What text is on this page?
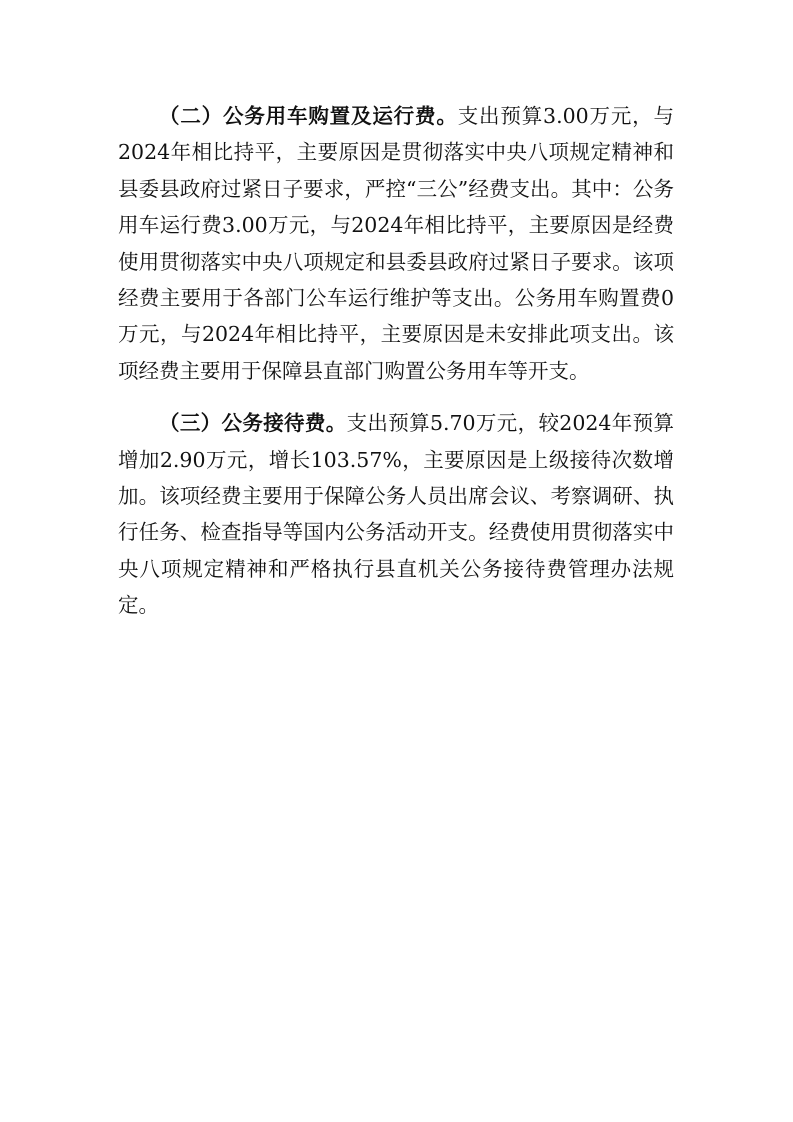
（二）公务用车购置及运行费。支出预算3.00万元，与2024年相比持平，主要原因是贯彻落实中央八项规定精神和县委县政府过紧日子要求，严控“三公”经费支出。其中：公务用车运行费3.00万元，与2024年相比持平，主要原因是经费使用贯彻落实中央八项规定和县委县政府过紧日子要求。该项经费主要用于各部门公车运行维护等支出。公务用车购置费0万元，与2024年相比持平，主要原因是未安排此项支出。该项经费主要用于保障县直部门购置公务用车等开支。

（三）公务接待费。支出预算5.70万元，较2024年预算增加2.90万元，增长103.57%，主要原因是上级接待次数增加。该项经费主要用于保障公务人员出席会议、考察调研、执行任务、检查指导等国内公务活动开支。经费使用贯彻落实中央八项规定精神和严格执行县直机关公务接待费管理办法规定。
